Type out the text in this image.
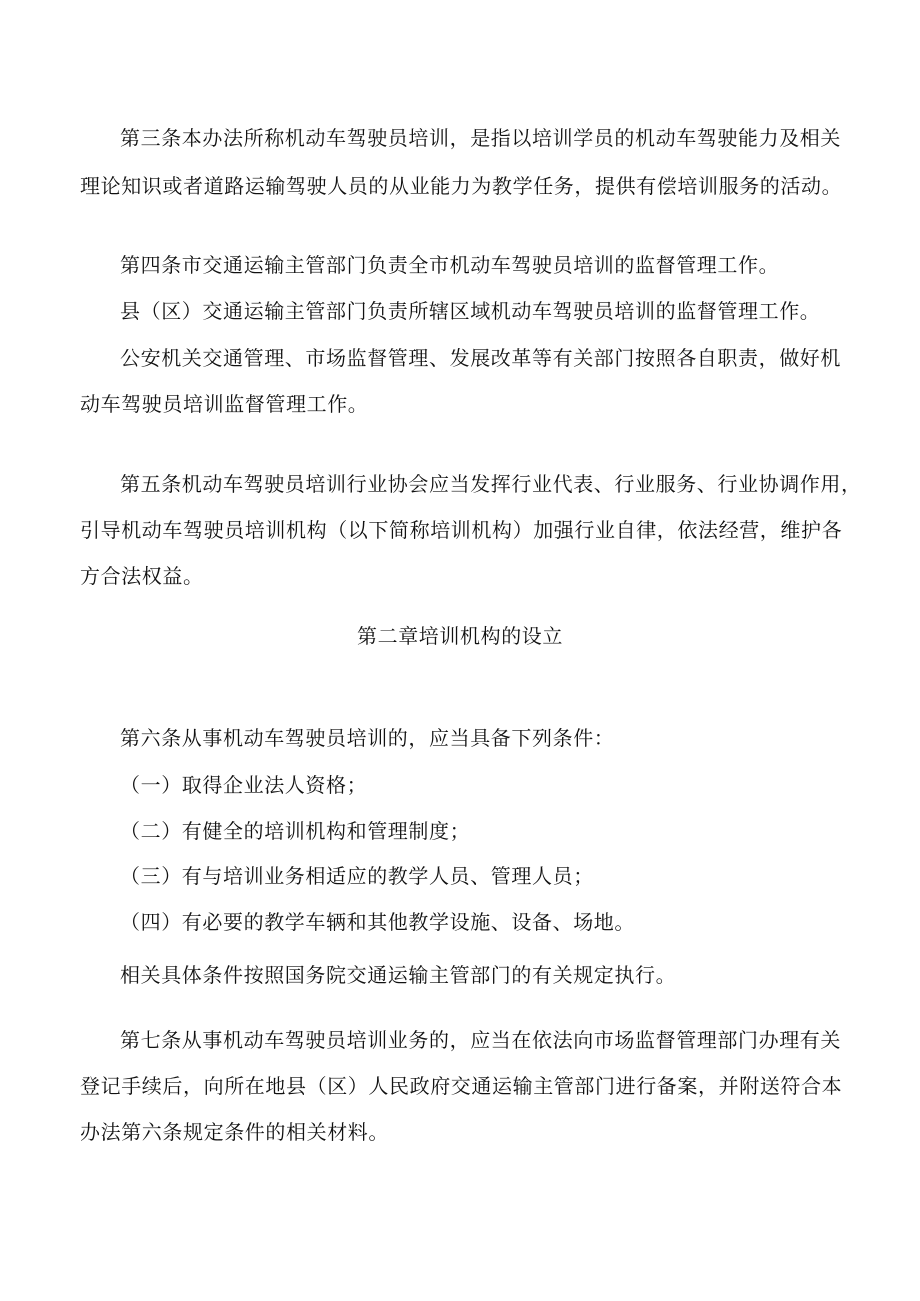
第三条本办法所称机动车驾驶员培训，是指以培训学员的机动车驾驶能力及相关
理论知识或者道路运输驾驶人员的从业能力为教学任务，提供有偿培训服务的活动。
第四条市交通运输主管部门负责全市机动车驾驶员培训的监督管理工作。
县（区）交通运输主管部门负责所辖区域机动车驾驶员培训的监督管理工作。
公安机关交通管理、市场监督管理、发展改革等有关部门按照各自职责，做好机
动车驾驶员培训监督管理工作。
第五条机动车驾驶员培训行业协会应当发挥行业代表、行业服务、行业协调作用，
引导机动车驾驶员培训机构（以下简称培训机构）加强行业自律，依法经营，维护各
方合法权益。
第二章培训机构的设立
第六条从事机动车驾驶员培训的，应当具备下列条件：
（一）取得企业法人资格；
（二）有健全的培训机构和管理制度；
（三）有与培训业务相适应的教学人员、管理人员；
（四）有必要的教学车辆和其他教学设施、设备、场地。
相关具体条件按照国务院交通运输主管部门的有关规定执行。
第七条从事机动车驾驶员培训业务的，应当在依法向市场监督管理部门办理有关
登记手续后，向所在地县（区）人民政府交通运输主管部门进行备案，并附送符合本
办法第六条规定条件的相关材料。
